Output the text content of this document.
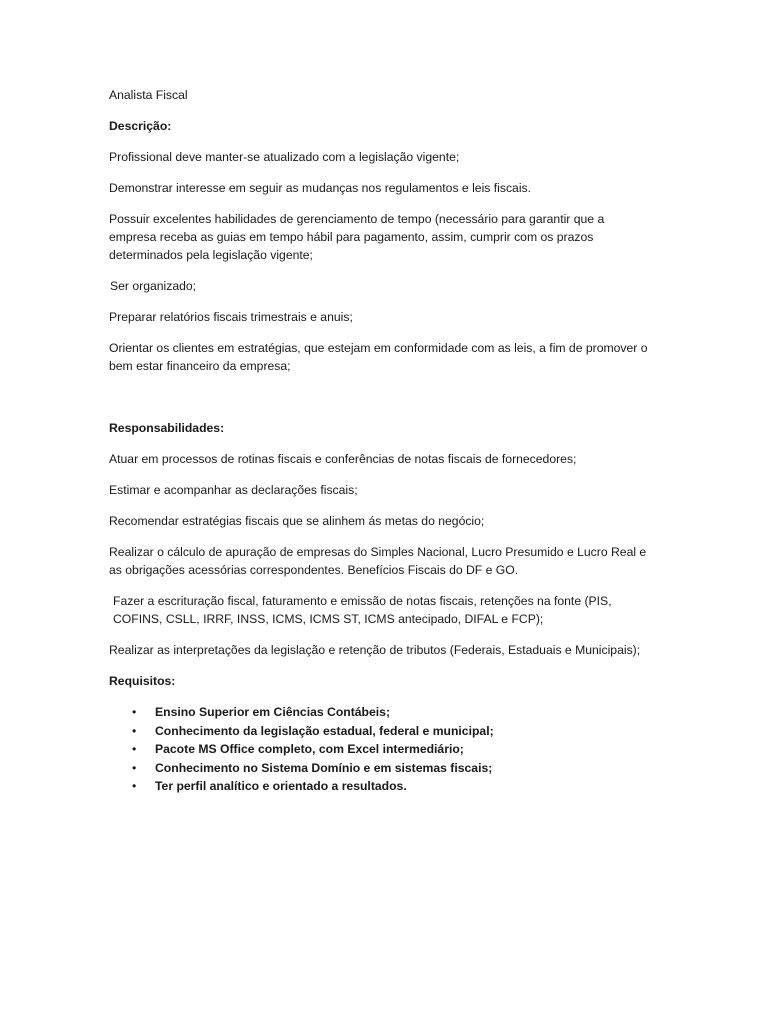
Analista Fiscal
Descrição:
Profissional deve manter-se atualizado com a legislação vigente;
Demonstrar interesse em seguir as mudanças nos regulamentos e leis fiscais.
Possuir excelentes habilidades de gerenciamento de tempo (necessário para garantir que a empresa receba as guias em tempo hábil para pagamento, assim, cumprir com os prazos determinados pela legislação vigente;
Ser organizado;
Preparar relatórios fiscais trimestrais e anuis;
Orientar os clientes em estratégias, que estejam em conformidade com as leis, a fim de promover o bem estar financeiro da empresa;
Responsabilidades:
Atuar em processos de rotinas fiscais e conferências de notas fiscais de fornecedores;
Estimar e acompanhar as declarações fiscais;
Recomendar estratégias fiscais que se alinhem ás metas do negócio;
Realizar o cálculo de apuração de empresas do Simples Nacional, Lucro Presumido e Lucro Real e as obrigações acessórias correspondentes. Benefícios Fiscais do DF e GO.
Fazer a escrituração fiscal, faturamento e emissão de notas fiscais, retenções na fonte (PIS, COFINS, CSLL, IRRF, INSS, ICMS, ICMS ST, ICMS antecipado, DIFAL e FCP);
Realizar as interpretações da legislação e retenção de tributos (Federais, Estaduais e Municipais);
Requisitos:
• Ensino Superior em Ciências Contábeis;
• Conhecimento da legislação estadual, federal e municipal;
• Pacote MS Office completo, com Excel intermediário;
• Conhecimento no Sistema Domínio e em sistemas fiscais;
• Ter perfil analítico e orientado a resultados.
